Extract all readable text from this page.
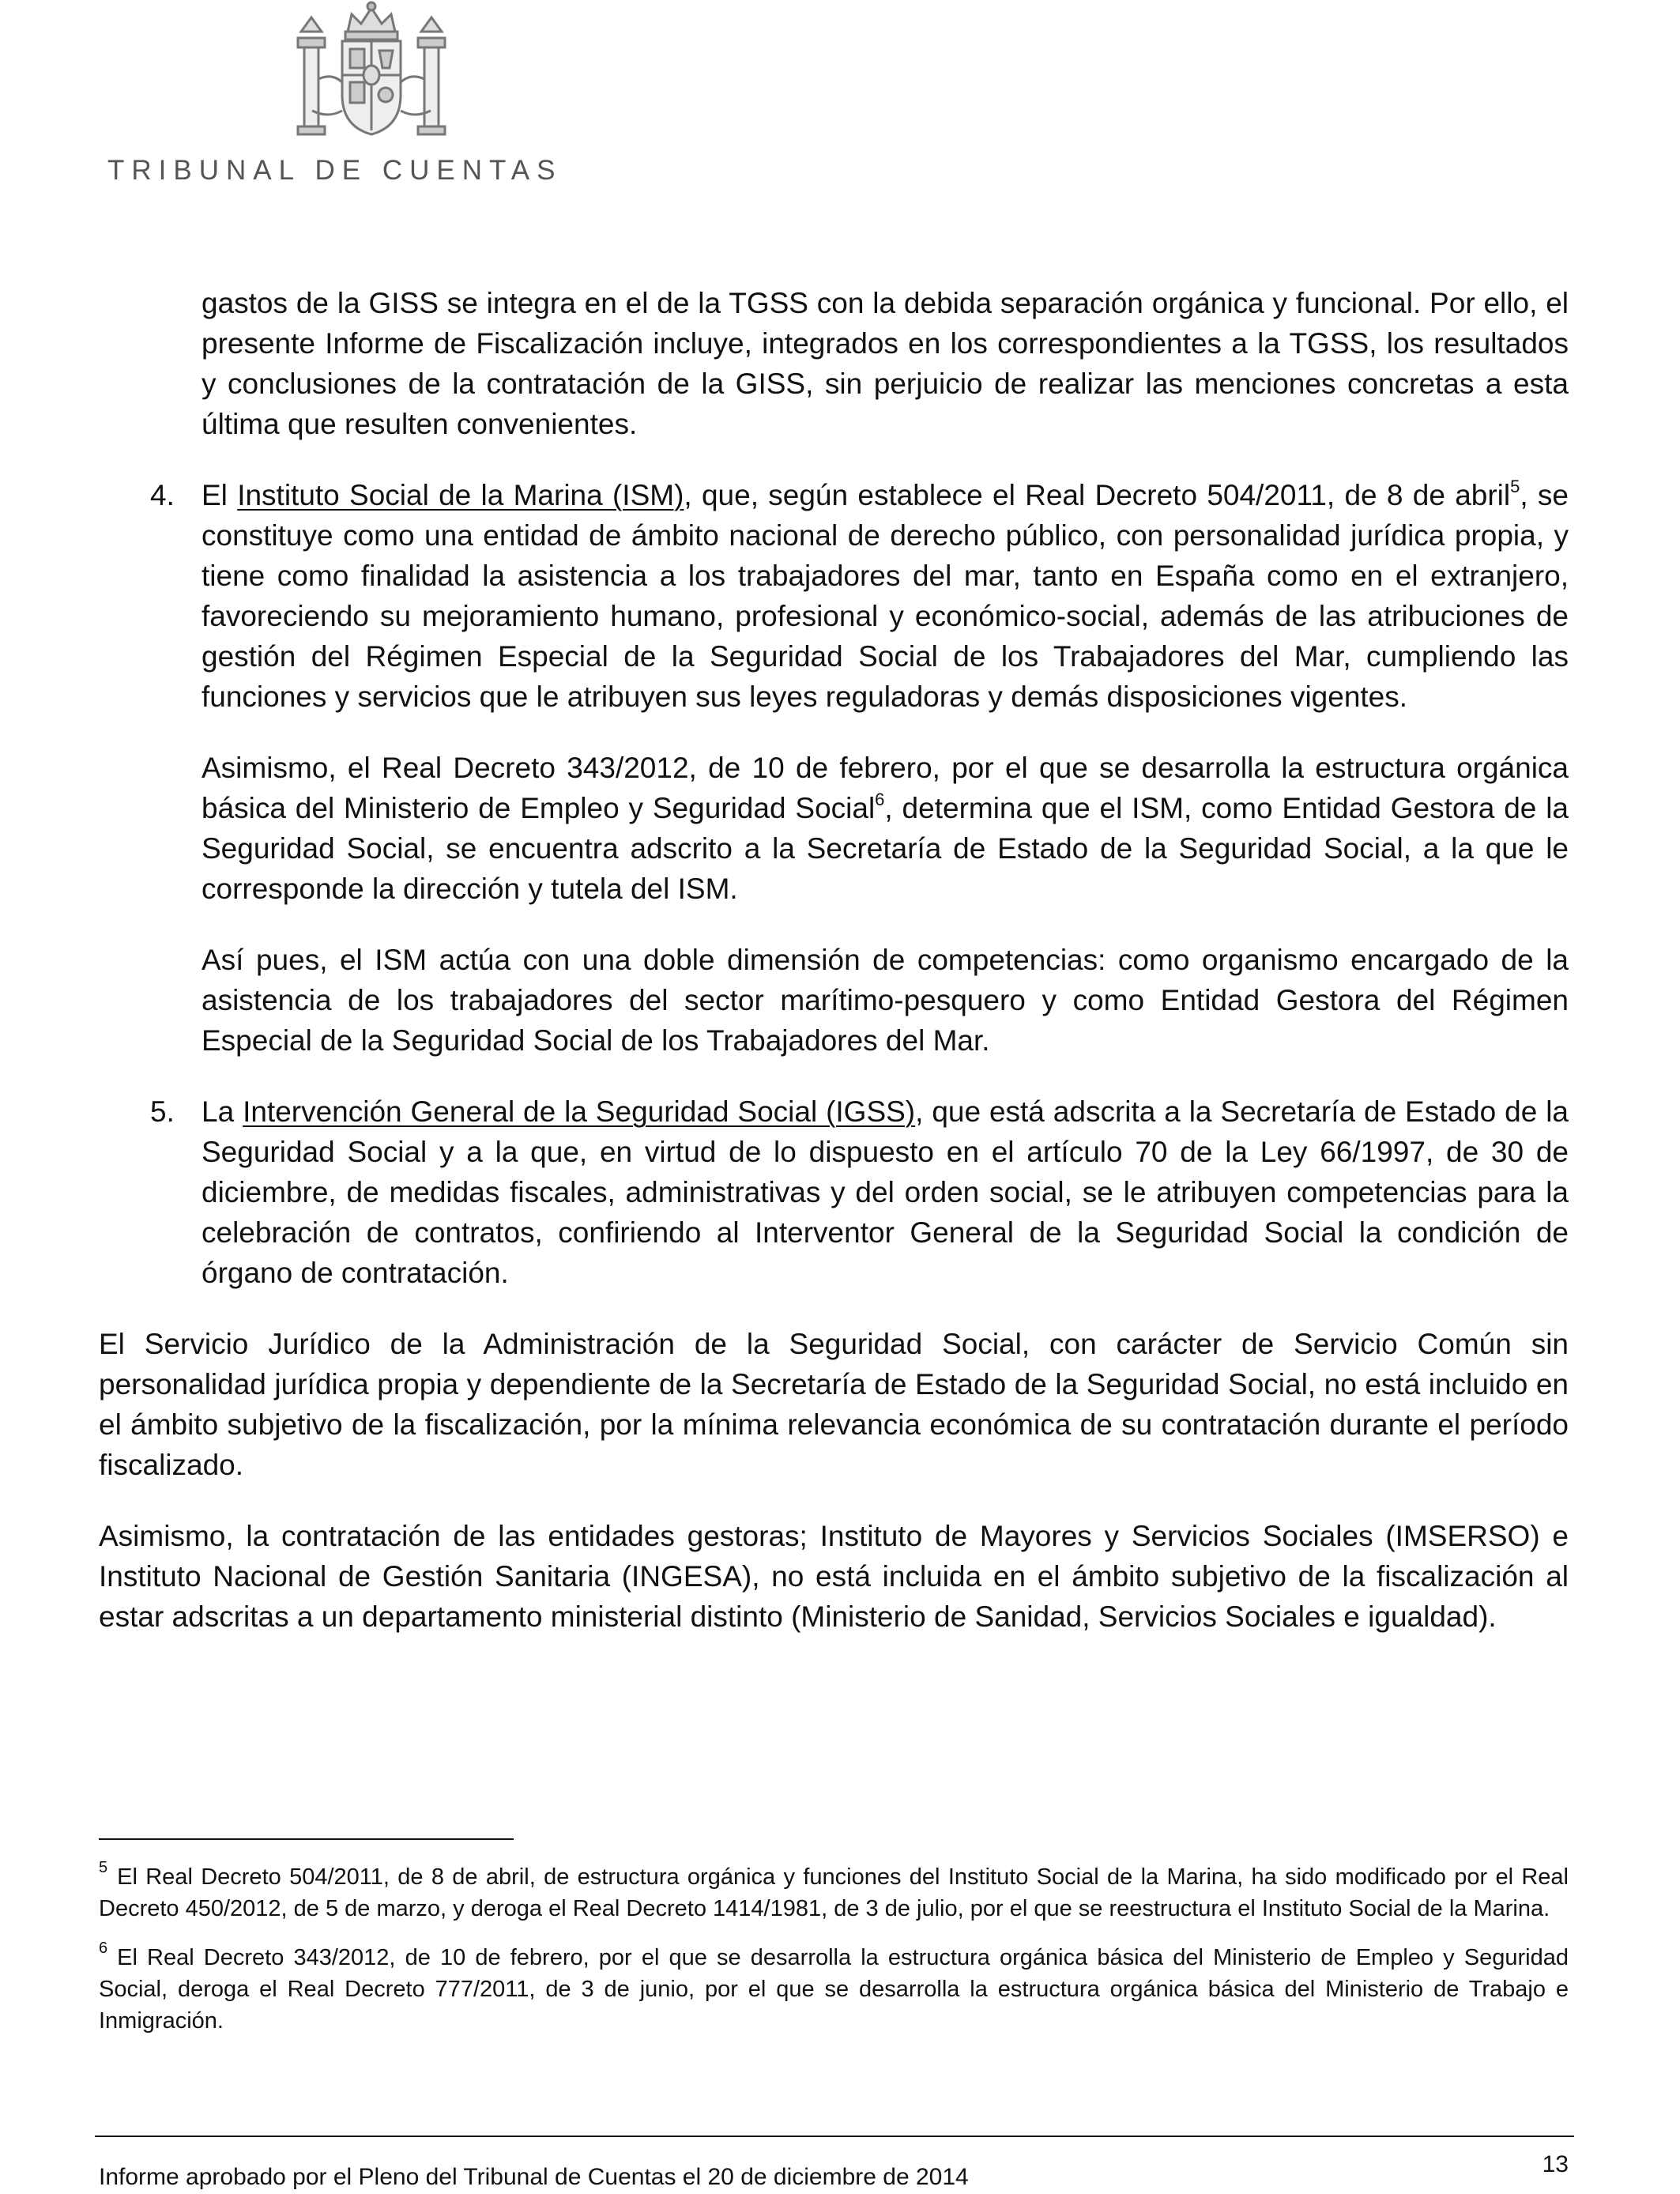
TRIBUNAL DE CUENTAS

gastos de la GISS se integra en el de la TGSS con la debida separación orgánica y funcional. Por ello, el presente Informe de Fiscalización incluye, integrados en los correspondientes a la TGSS, los resultados y conclusiones de la contratación de la GISS, sin perjuicio de realizar las menciones concretas a esta última que resulten convenientes.

4. El Instituto Social de la Marina (ISM), que, según establece el Real Decreto 504/2011, de 8 de abril$^5$, se constituye como una entidad de ámbito nacional de derecho público, con personalidad jurídica propia, y tiene como finalidad la asistencia a los trabajadores del mar, tanto en España como en el extranjero, favoreciendo su mejoramiento humano, profesional y económico-social, además de las atribuciones de gestión del Régimen Especial de la Seguridad Social de los Trabajadores del Mar, cumpliendo las funciones y servicios que le atribuyen sus leyes reguladoras y demás disposiciones vigentes.

Asimismo, el Real Decreto 343/2012, de 10 de febrero, por el que se desarrolla la estructura orgánica básica del Ministerio de Empleo y Seguridad Social$^6$, determina que el ISM, como Entidad Gestora de la Seguridad Social, se encuentra adscrito a la Secretaría de Estado de la Seguridad Social, a la que le corresponde la dirección y tutela del ISM.

Así pues, el ISM actúa con una doble dimensión de competencias: como organismo encargado de la asistencia de los trabajadores del sector marítimo-pesquero y como Entidad Gestora del Régimen Especial de la Seguridad Social de los Trabajadores del Mar.

5. La Intervención General de la Seguridad Social (IGSS), que está adscrita a la Secretaría de Estado de la Seguridad Social y a la que, en virtud de lo dispuesto en el artículo 70 de la Ley 66/1997, de 30 de diciembre, de medidas fiscales, administrativas y del orden social, se le atribuyen competencias para la celebración de contratos, confiriendo al Interventor General de la Seguridad Social la condición de órgano de contratación.

El Servicio Jurídico de la Administración de la Seguridad Social, con carácter de Servicio Común sin personalidad jurídica propia y dependiente de la Secretaría de Estado de la Seguridad Social, no está incluido en el ámbito subjetivo de la fiscalización, por la mínima relevancia económica de su contratación durante el período fiscalizado.

Asimismo, la contratación de las entidades gestoras; Instituto de Mayores y Servicios Sociales (IMSERSO) e Instituto Nacional de Gestión Sanitaria (INGESA), no está incluida en el ámbito subjetivo de la fiscalización al estar adscritas a un departamento ministerial distinto (Ministerio de Sanidad, Servicios Sociales e igualdad).

$^5$ El Real Decreto 504/2011, de 8 de abril, de estructura orgánica y funciones del Instituto Social de la Marina, ha sido modificado por el Real Decreto 450/2012, de 5 de marzo, y deroga el Real Decreto 1414/1981, de 3 de julio, por el que se reestructura el Instituto Social de la Marina.

$^6$ El Real Decreto 343/2012, de 10 de febrero, por el que se desarrolla la estructura orgánica básica del Ministerio de Empleo y Seguridad Social, deroga el Real Decreto 777/2011, de 3 de junio, por el que se desarrolla la estructura orgánica básica del Ministerio de Trabajo e Inmigración.

13
Informe aprobado por el Pleno del Tribunal de Cuentas el 20 de diciembre de 2014
